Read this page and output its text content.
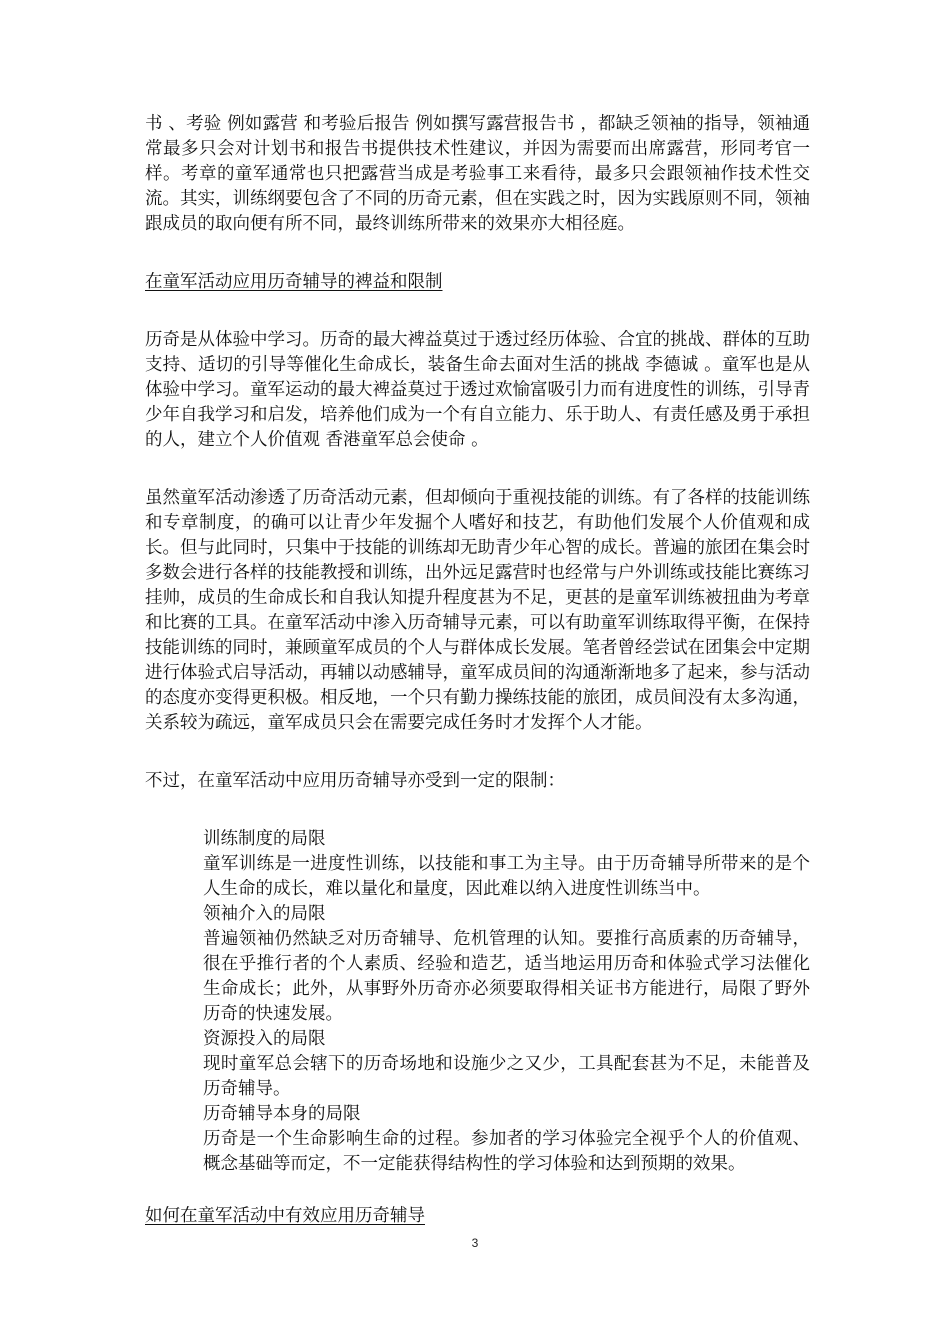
书 、考验 例如露营 和考验后报告 例如撰写露营报告书 ，都缺乏领袖的指导，领袖通常最多只会对计划书和报告书提供技术性建议，并因为需要而出席露营，形同考官一样。考章的童军通常也只把露营当成是考验事工来看待，最多只会跟领袖作技术性交流。其实，训练纲要包含了不同的历奇元素，但在实践之时，因为实践原则不同，领袖跟成员的取向便有所不同，最终训练所带来的效果亦大相径庭。

在童军活动应用历奇辅导的裨益和限制

历奇是从体验中学习。历奇的最大裨益莫过于透过经历体验、合宜的挑战、群体的互助支持、适切的引导等催化生命成长，装备生命去面对生活的挑战 李德诚 。童军也是从体验中学习。童军运动的最大裨益莫过于透过欢愉富吸引力而有进度性的训练，引导青少年自我学习和启发，培养他们成为一个有自立能力、乐于助人、有责任感及勇于承担的人，建立个人价值观 香港童军总会使命 。

虽然童军活动渗透了历奇活动元素，但却倾向于重视技能的训练。有了各样的技能训练和专章制度，的确可以让青少年发掘个人嗜好和技艺，有助他们发展个人价值观和成长。但与此同时，只集中于技能的训练却无助青少年心智的成长。普遍的旅团在集会时多数会进行各样的技能教授和训练，出外远足露营时也经常与户外训练或技能比赛练习挂帅，成员的生命成长和自我认知提升程度甚为不足，更甚的是童军训练被扭曲为考章和比赛的工具。在童军活动中渗入历奇辅导元素，可以有助童军训练取得平衡，在保持技能训练的同时，兼顾童军成员的个人与群体成长发展。笔者曾经尝试在团集会中定期进行体验式启导活动，再辅以动感辅导，童军成员间的沟通渐渐地多了起来，参与活动的态度亦变得更积极。相反地，一个只有勤力操练技能的旅团，成员间没有太多沟通，关系较为疏远，童军成员只会在需要完成任务时才发挥个人才能。

不过，在童军活动中应用历奇辅导亦受到一定的限制：

训练制度的局限

童军训练是一进度性训练，以技能和事工为主导。由于历奇辅导所带来的是个人生命的成长，难以量化和量度，因此难以纳入进度性训练当中。

领袖介入的局限

普遍领袖仍然缺乏对历奇辅导、危机管理的认知。要推行高质素的历奇辅导，很在乎推行者的个人素质、经验和造艺，适当地运用历奇和体验式学习法催化生命成长；此外，从事野外历奇亦必须要取得相关证书方能进行，局限了野外历奇的快速发展。

资源投入的局限

现时童军总会辖下的历奇场地和设施少之又少，工具配套甚为不足，未能普及历奇辅导。

历奇辅导本身的局限

历奇是一个生命影响生命的过程。参加者的学习体验完全视乎个人的价值观、概念基础等而定，不一定能获得结构性的学习体验和达到预期的效果。

如何在童军活动中有效应用历奇辅导

3
